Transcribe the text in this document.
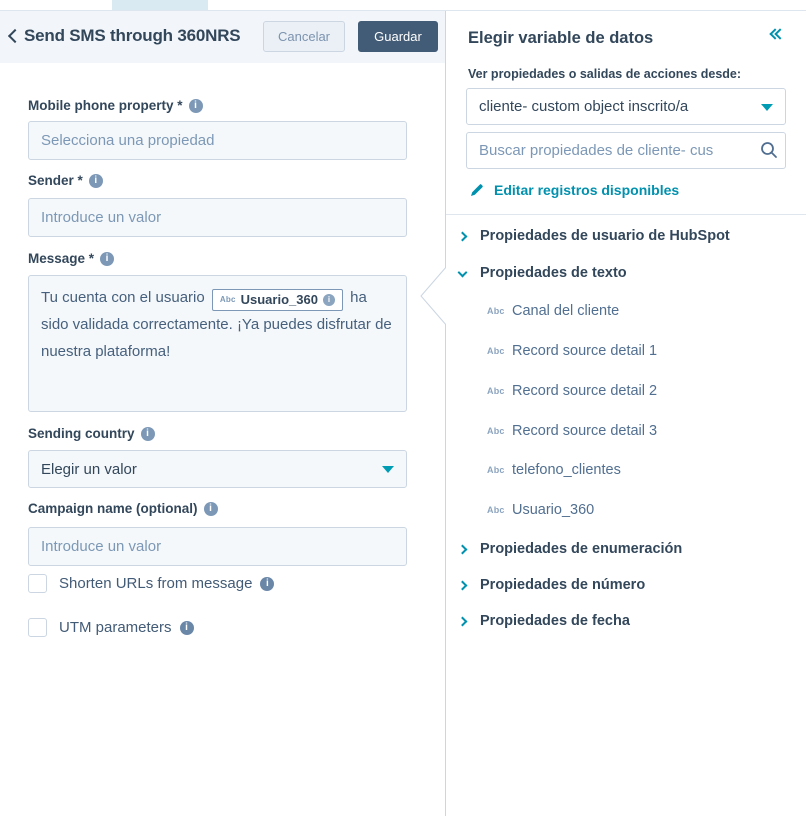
Send SMS through 360NRS	Cancelar	Guardar
Mobile phone property *
i
Selecciona una propiedad
Sender *
i
Introduce un valor
Message *
i
Tu cuenta con el usuario Abc Usuario_360 i ha sido validada correctamente. ¡Ya puedes disfrutar de nuestra plataforma!
Sending country
i
Elegir un valor
Campaign name (optional)
i
Introduce un valor
Shorten URLs from message
i
UTM parameters
i
Elegir variable de datos
Ver propiedades o salidas de acciones desde:
cliente- custom object inscrito/a
Buscar propiedades de cliente- cus
Editar registros disponibles
Propiedades de usuario de HubSpot
Propiedades de texto
Abc Canal del cliente
Abc Record source detail 1
Abc Record source detail 2
Abc Record source detail 3
Abc telefono_clientes
Abc Usuario_360
Propiedades de enumeración
Propiedades de número
Propiedades de fecha
